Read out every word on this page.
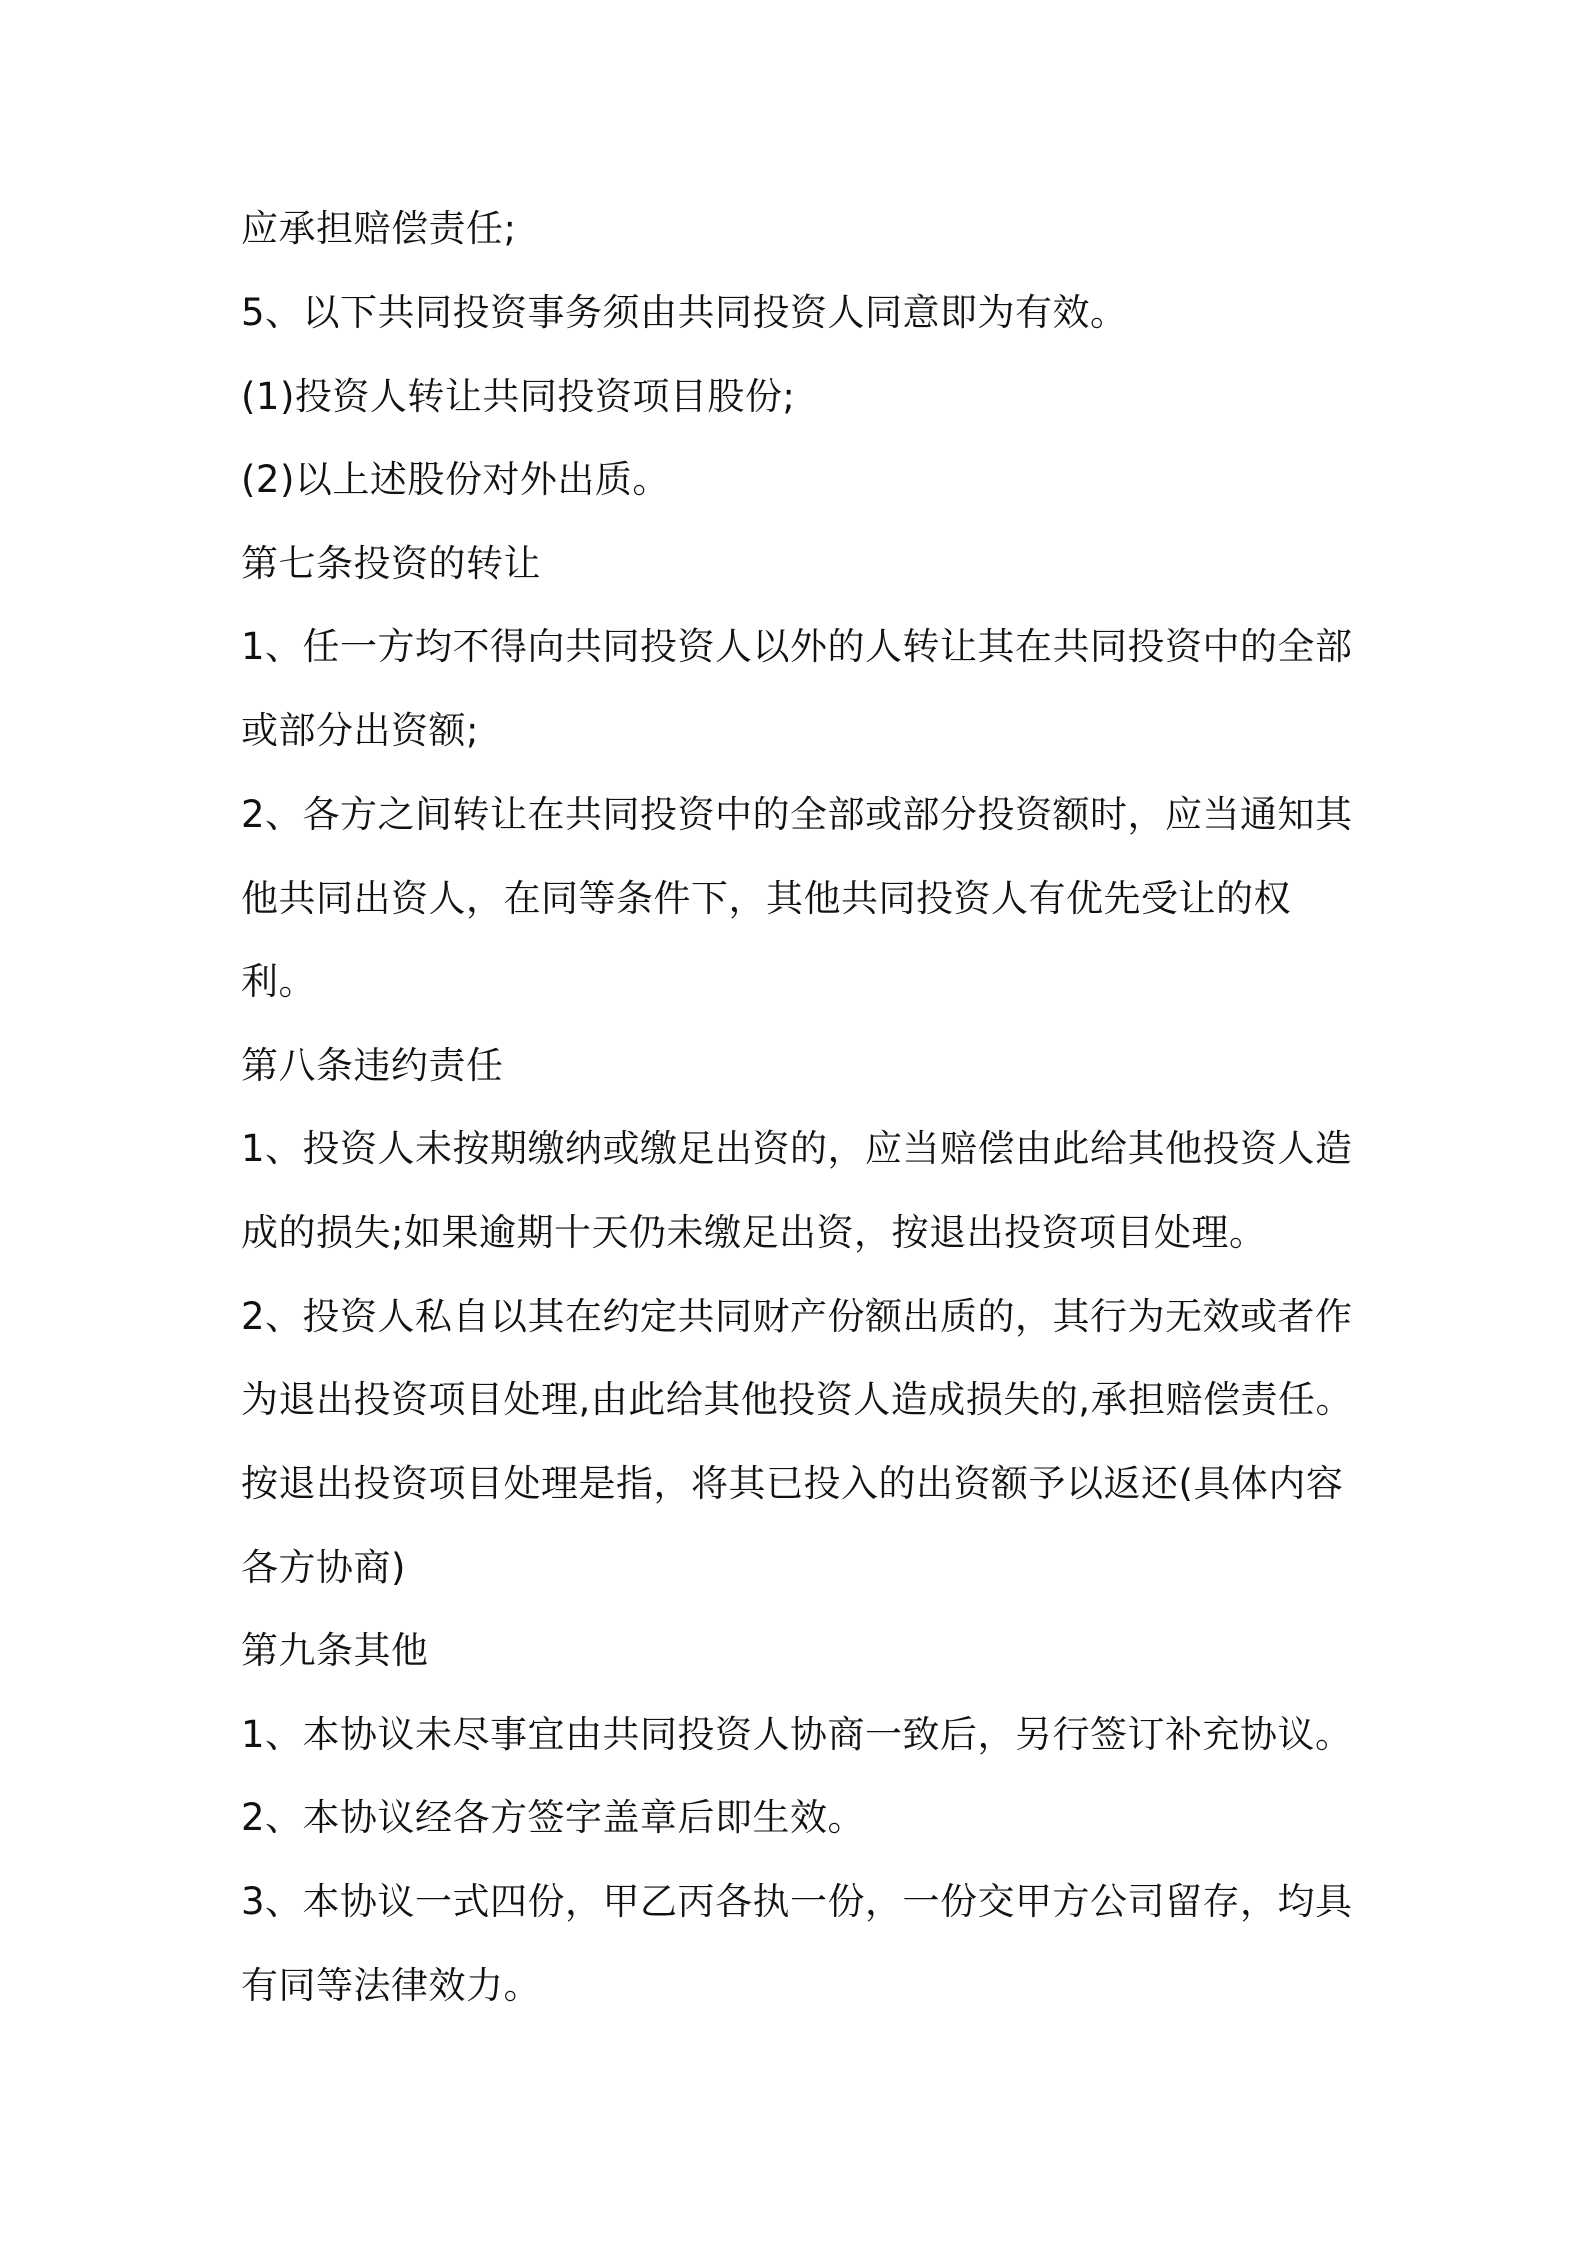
应承担赔偿责任;
5、以下共同投资事务须由共同投资人同意即为有效。
(1)投资人转让共同投资项目股份;
(2)以上述股份对外出质。
第七条投资的转让
1、任一方均不得向共同投资人以外的人转让其在共同投资中的全部
或部分出资额;
2、各方之间转让在共同投资中的全部或部分投资额时，应当通知其
他共同出资人，在同等条件下，其他共同投资人有优先受让的权
利。
第八条违约责任
1、投资人未按期缴纳或缴足出资的，应当赔偿由此给其他投资人造
成的损失;如果逾期十天仍未缴足出资，按退出投资项目处理。
2、投资人私自以其在约定共同财产份额出质的，其行为无效或者作
为退出投资项目处理,由此给其他投资人造成损失的,承担赔偿责任。
按退出投资项目处理是指，将其已投入的出资额予以返还(具体内容
各方协商)
第九条其他
1、本协议未尽事宜由共同投资人协商一致后，另行签订补充协议。
2、本协议经各方签字盖章后即生效。
3、本协议一式四份，甲乙丙各执一份，一份交甲方公司留存，均具
有同等法律效力。
